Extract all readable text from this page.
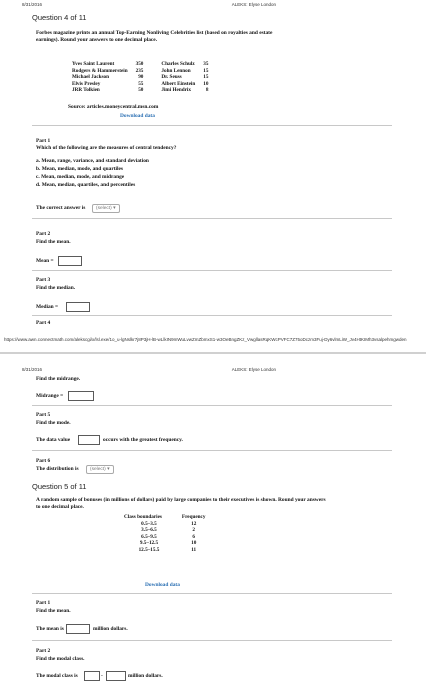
8/31/2016	ALEKS: Elyse London
Question 4 of 11
Forbes magazine prints an annual Top-Earning Nonliving Celebrities list (based on royalties and estate earnings). Round your answers to one decimal place.
Yves Saint Laurent	350	Charles Schulz	35
Rodgers & Hammerstein	235	John Lennon	15
Michael Jackson	90	Dr. Seuss	15
Elvis Presley	55	Albert Einstein	10
JRR Tolkien	50	Jimi Hendrix	8
Source: articles.moneycentral.msn.com
Download data
Part 1
Which of the following are the measures of central tendency?
a. Mean, range, variance, and standard deviation
b. Mean, median, mode, and quartiles
c. Mean, median, mode, and midrange
d. Mean, median, quartiles, and percentiles
The correct answer is	(select) ▾
Part 2
Find the mean.
Mean =
Part 3
Find the median.
Median =
Part 4
https://www.awn.connectmath.com/alekscgi/x/lsl.exe/1o_u-lgNslkr7j8P3jH-lB-wLlkIN9mWuLvwZmZbmxS1-w3OeBngZKz_VwgllasRqKWcPVFC7Z75oDczm3Fuj-Dy6vlmLiW_Jv4HtKIMh3vsalpehmgwden
8/31/2016	ALEKS: Elyse London
Find the midrange.
Midrange =
Part 5
Find the mode.
The data value	occurs with the greatest frequency.
Part 6
The distribution is	(select) ▾
Question 5 of 11
A random sample of bonuses (in millions of dollars) paid by large companies to their executives is shown. Round your answers to one decimal place.
Class boundaries	Frequency
0.5–3.5	12
3.5–6.5	2
6.5–9.5	6
9.5–12.5	10
12.5–15.5	11
Download data
Part 1
Find the mean.
The mean is	million dollars.
Part 2
Find the modal class.
The modal class is	-	million dollars.
